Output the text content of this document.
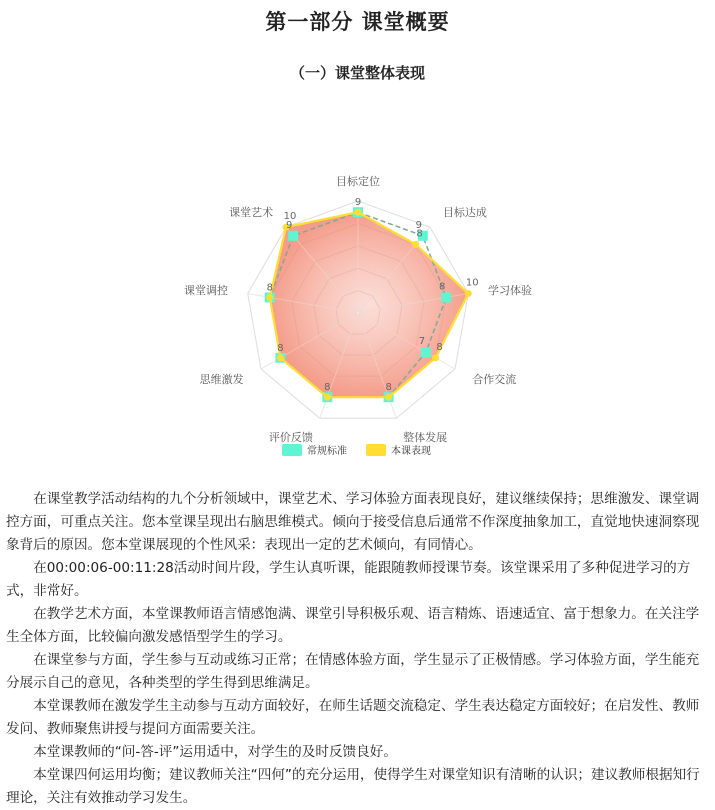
第一部分 课堂概要
（一）课堂整体表现
目标定位
目标达成
学习体验
合作交流
整体发展
评价反馈
思维激发
课堂调控
课堂艺术
9
9
8
8 10
7
8
8
8
8
8
9
10
常规标准	本课表现

在课堂教学活动结构的九个分析领域中，课堂艺术、学习体验方面表现良好，建议继续保持；思维激发、课堂调控方面，可重点关注。您本堂课呈现出右脑思维模式。倾向于接受信息后通常不作深度抽象加工，直觉地快速洞察现象背后的原因。您本堂课展现的个性风采：表现出一定的艺术倾向，有同情心。

在00:00:06-00:11:28活动时间片段，学生认真听课，能跟随教师授课节奏。该堂课采用了多种促进学习的方式，非常好。

在教学艺术方面，本堂课教师语言情感饱满、课堂引导积极乐观、语言精炼、语速适宜、富于想象力。在关注学生全体方面，比较偏向激发感悟型学生的学习。

在课堂参与方面，学生参与互动或练习正常；在情感体验方面，学生显示了正极情感。学习体验方面，学生能充分展示自己的意见，各种类型的学生得到思维满足。

本堂课教师在激发学生主动参与互动方面较好，在师生话题交流稳定、学生表达稳定方面较好；在启发性、教师发问、教师聚焦讲授与提问方面需要关注。

本堂课教师的“问-答-评”运用适中，对学生的及时反馈良好。

本堂课四何运用均衡；建议教师关注“四何”的充分运用，使得学生对课堂知识有清晰的认识；建议教师根据知行理论，关注有效推动学习发生。
